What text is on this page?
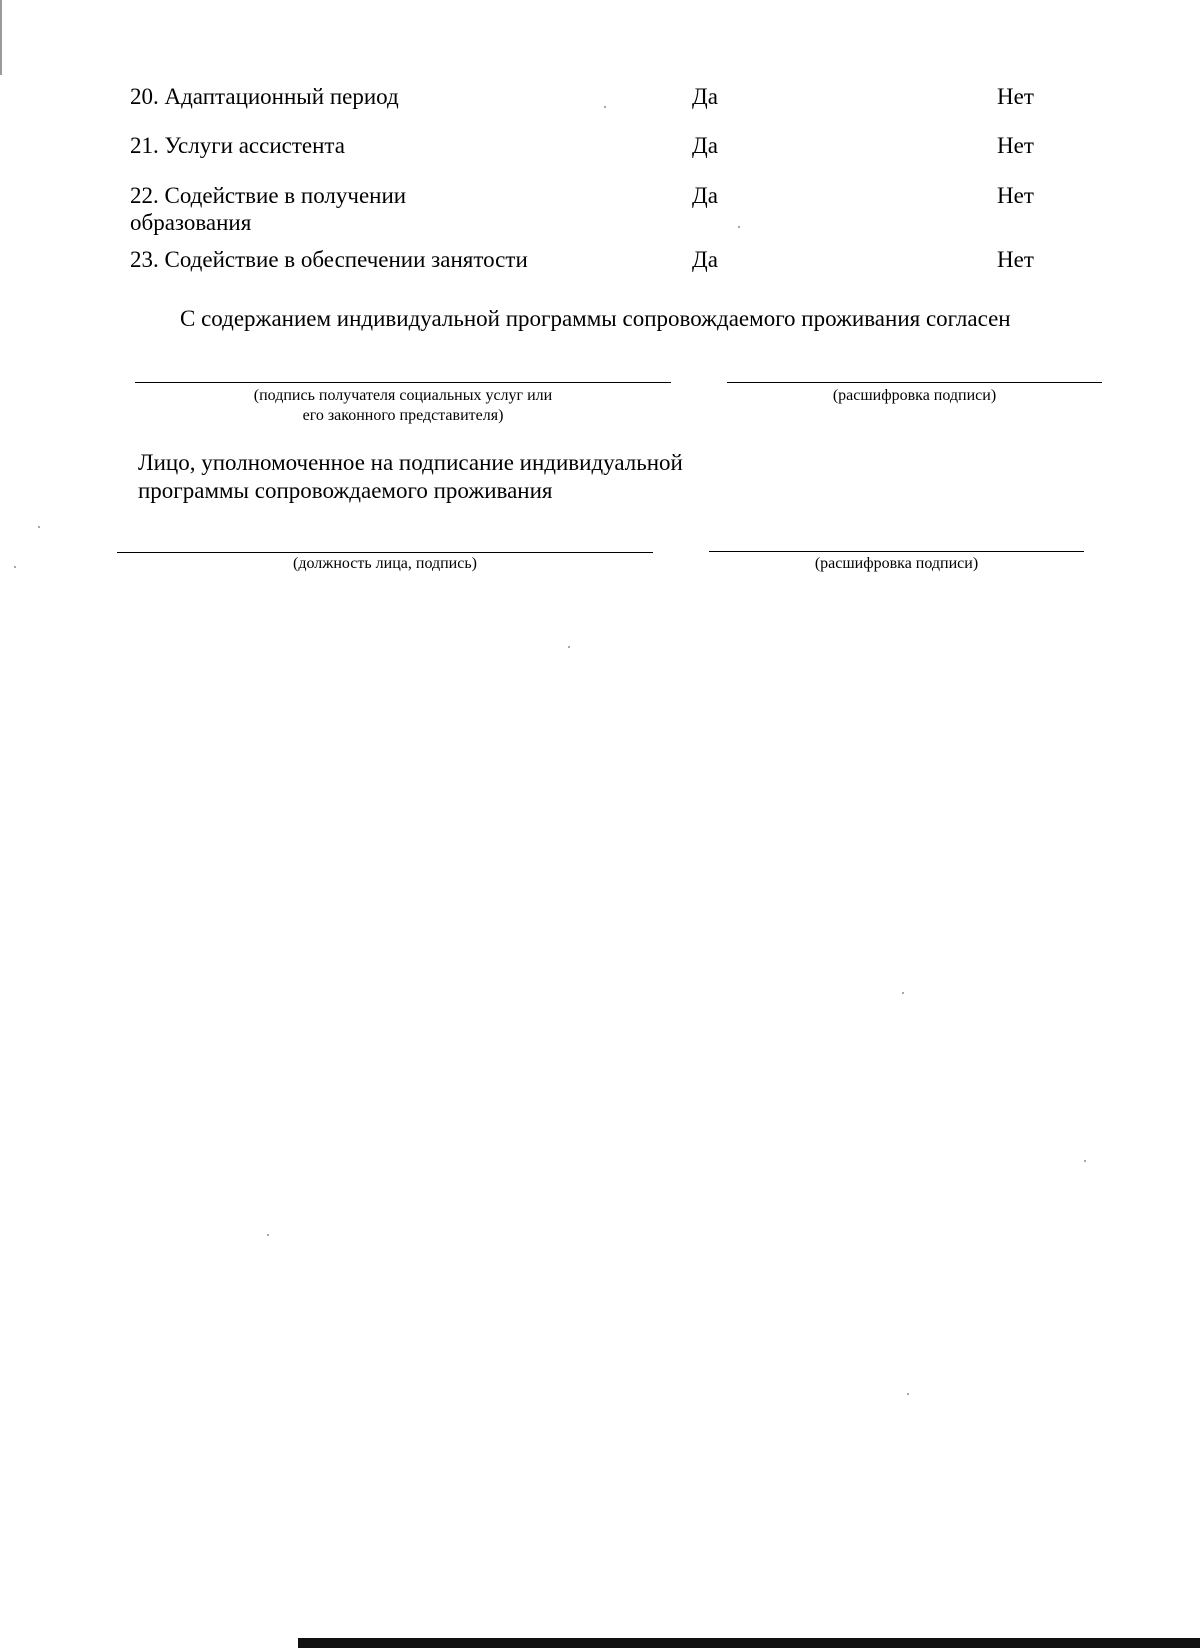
20. Адаптационный период	Да	Нет
21. Услуги ассистента	Да	Нет
22. Содействие в получении
образования
Да	Нет
23. Содействие в обеспечении занятости	Да	Нет
С содержанием индивидуальной программы сопровождаемого проживания согласен
(подпись получателя социальных услуг или
его законного представителя)
(расшифровка подписи)
Лицо, уполномоченное на подписание индивидуальной
программы сопровождаемого проживания
(должность лица, подпись)	(расшифровка подписи)
